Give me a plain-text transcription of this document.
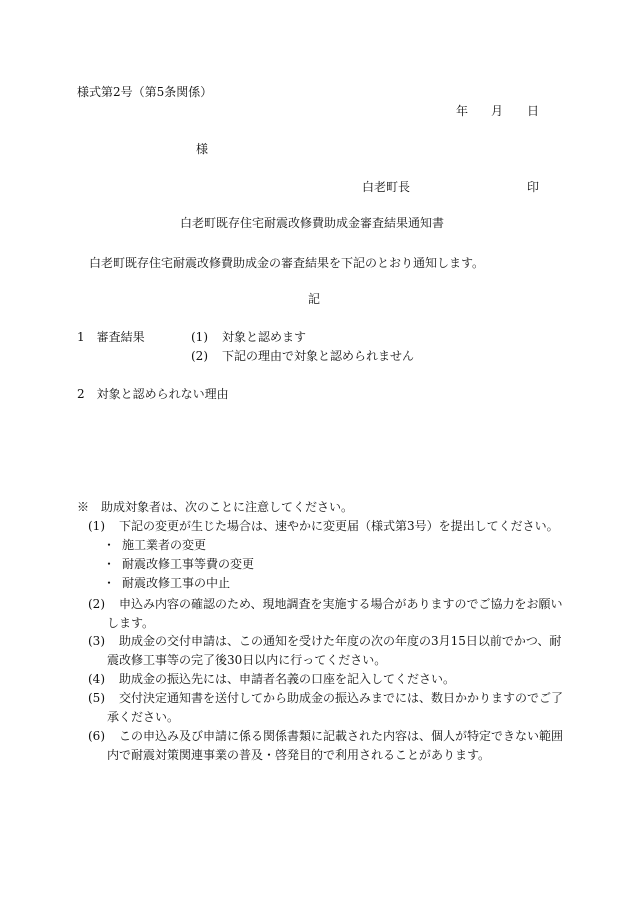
様式第2号（第5条関係）
年 月 日
様
白老町長	印
白老町既存住宅耐震改修費助成金審査結果通知書
白老町既存住宅耐震改修費助成金の審査結果を下記のとおり通知します。
記
1　審査結果	(1) 対象と認めます
(2) 下記の理由で対象と認められません
2　対象と認められない理由
※　助成対象者は、次のことに注意してください。
(1) 下記の変更が生じた場合は、速やかに変更届（様式第3号）を提出してください。
・ 施工業者の変更
・ 耐震改修工事等費の変更
・ 耐震改修工事の中止
(2) 申込み内容の確認のため、現地調査を実施する場合がありますのでご協力をお願い
します。
(3) 助成金の交付申請は、この通知を受けた年度の次の年度の3月15日以前でかつ、耐
震改修工事等の完了後30日以内に行ってください。
(4) 助成金の振込先には、申請者名義の口座を記入してください。
(5) 交付決定通知書を送付してから助成金の振込みまでには、数日かかりますのでご了
承ください。
(6) この申込み及び申請に係る関係書類に記載された内容は、個人が特定できない範囲
内で耐震対策関連事業の普及・啓発目的で利用されることがあります。
